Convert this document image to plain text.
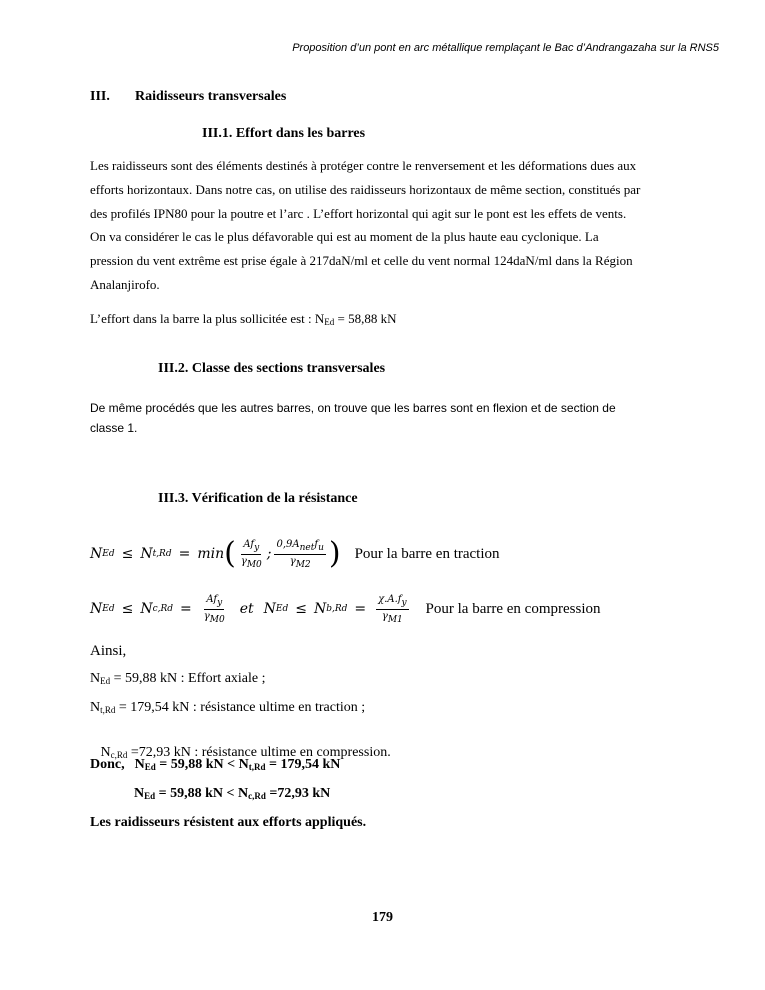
Proposition d’un pont en arc métallique remplaçant le Bac d’Andrangazaha sur la RNS5
III. Raidisseurs transversales
III.1. Effort dans les barres
Les raidisseurs sont des éléments destinés à protéger contre le renversement et les déformations dues aux
efforts horizontaux. Dans notre cas, on utilise des raidisseurs horizontaux de même section, constitués par
des profilés IPN80 pour la poutre et l’arc . L’effort horizontal qui agit sur le pont est les effets de vents.
On va considérer le cas le plus défavorable qui est au moment de la plus haute eau cyclonique. La
pression du vent extrême est prise égale à 217daN/ml et celle du vent normal 124daN/ml dans la Région
Analanjirofo.
L’effort dans la barre la plus sollicitée est : $N_{Ed} = 58,88$ kN
III.2. Classe des sections transversales
De même procédés que les autres barres, on trouve que les barres sont en flexion et de section de
classe 1.
III.3. Vérification de la résistance
N Ed ≤ N t,Rd = min ( $\frac{\text{Afy}}{\gamma M0}$ ; $\frac{\text{0,9Anetfu}}{\gamma M2}$ ) Pour la barre en traction
N Ed ≤ N $c,Rd = \frac{\text{Afy}}{\gamma M0}$ et N Ed ≤ N $b,Rd = \frac{\chi.A.fy}{\gamma M1}$ Pour la barre en compression
Ainsi,
$N_{Ed} = 59,88$ kN : Effort axiale ;
$N_{t,Rd} = 179,54$ kN : résistance ultime en traction ;

$N_{c,Rd} =72,93$ kN : résistance ultime en compression.

Donc, $N_{Ed} = 59,88$ kN < $N_{t,Rd} = 179,54$ kN
$N_{Ed} = 59,88$ kN < $N_{c,Rd} =72,93$ kN
Les raidisseurs résistent aux efforts appliqués.
179
